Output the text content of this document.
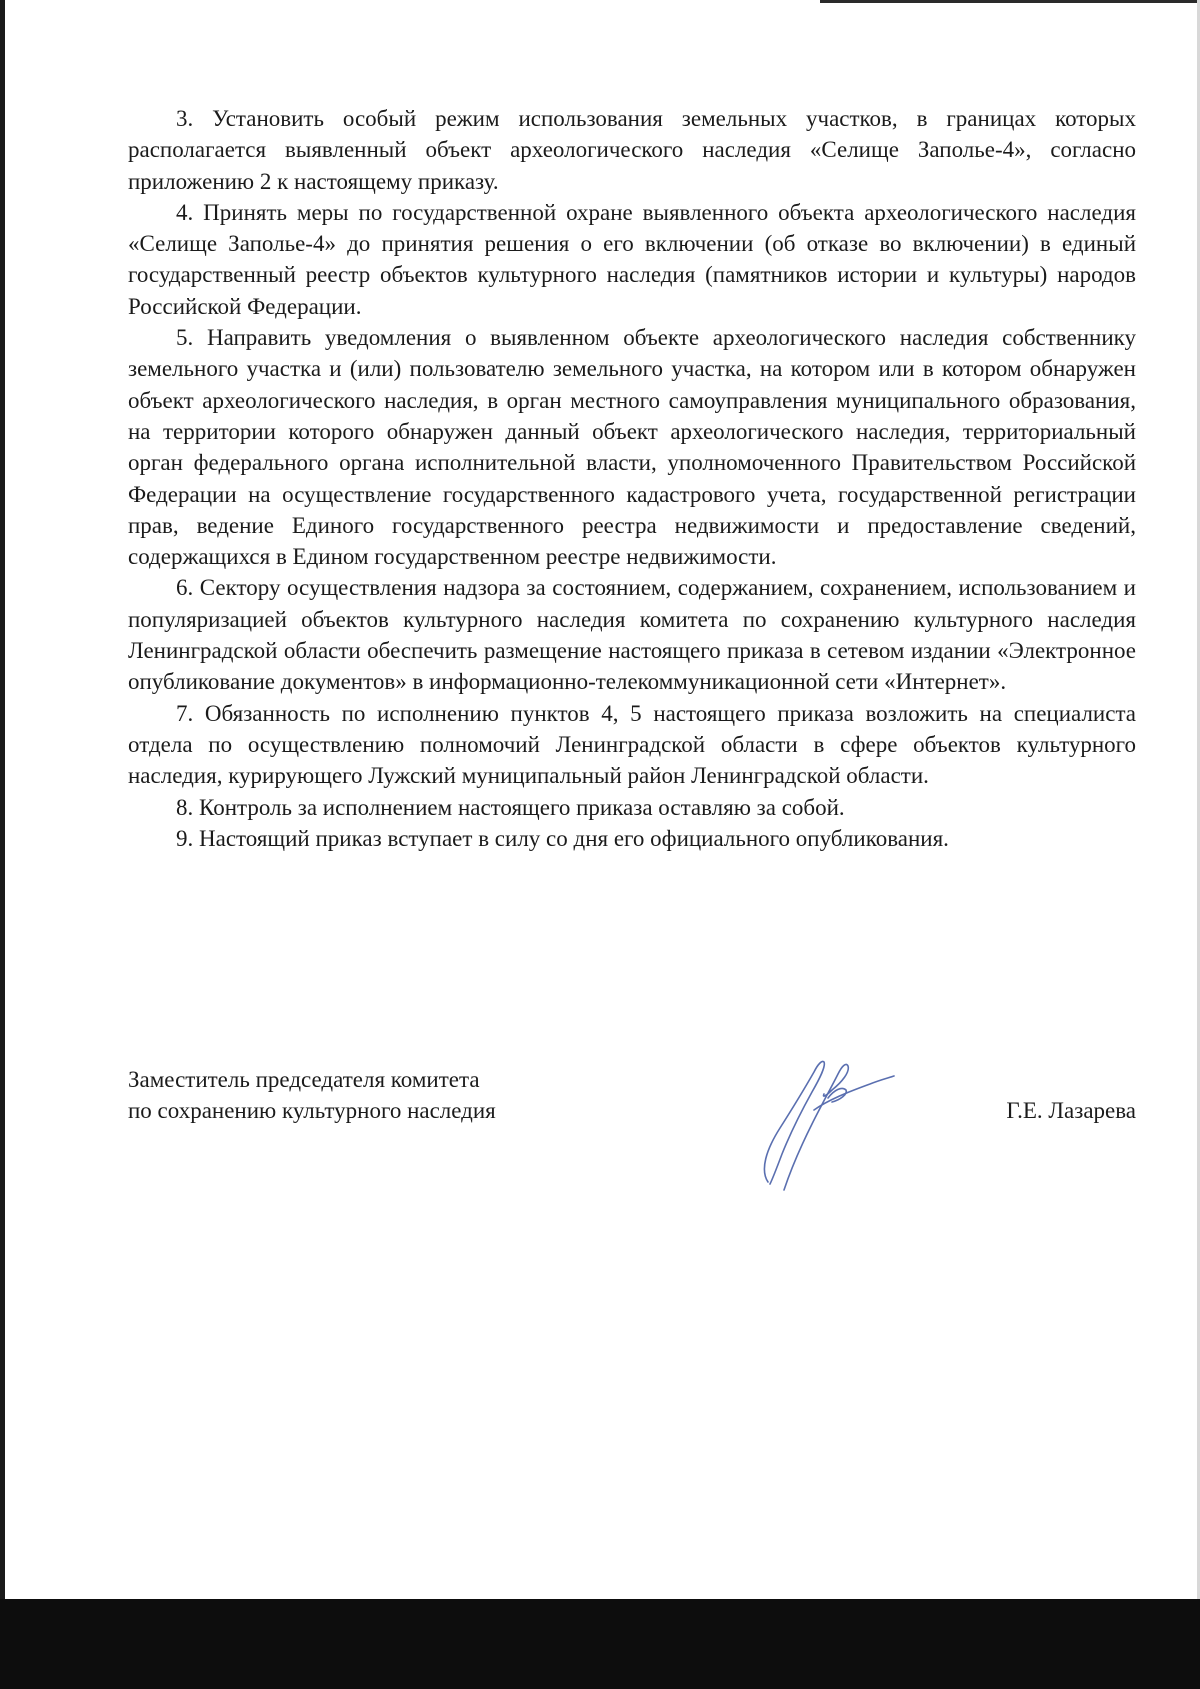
3. Установить особый режим использования земельных участков, в границах которых располагается выявленный объект археологического наследия «Селище Заполье-4», согласно приложению 2 к настоящему приказу.

4. Принять меры по государственной охране выявленного объекта археологического наследия «Селище Заполье-4» до принятия решения о его включении (об отказе во включении) в единый государственный реестр объектов культурного наследия (памятников истории и культуры) народов Российской Федерации.

5. Направить уведомления о выявленном объекте археологического наследия собственнику земельного участка и (или) пользователю земельного участка, на котором или в котором обнаружен объект археологического наследия, в орган местного самоуправления муниципального образования, на территории которого обнаружен данный объект археологического наследия, территориальный орган федерального органа исполнительной власти, уполномоченного Правительством Российской Федерации на осуществление государственного кадастрового учета, государственной регистрации прав, ведение Единого государственного реестра недвижимости и предоставление сведений, содержащихся в Едином государственном реестре недвижимости.

6. Сектору осуществления надзора за состоянием, содержанием, сохранением, использованием и популяризацией объектов культурного наследия комитета по сохранению культурного наследия Ленинградской области обеспечить размещение настоящего приказа в сетевом издании «Электронное опубликование документов» в информационно-телекоммуникационной сети «Интернет».

7. Обязанность по исполнению пунктов 4, 5 настоящего приказа возложить на специалиста отдела по осуществлению полномочий Ленинградской области в сфере объектов культурного наследия, курирующего Лужский муниципальный район Ленинградской области.

8. Контроль за исполнением настоящего приказа оставляю за собой.

9. Настоящий приказ вступает в силу со дня его официального опубликования.

Заместитель председателя комитета
по сохранению культурного наследия	Г.Е. Лазарева
